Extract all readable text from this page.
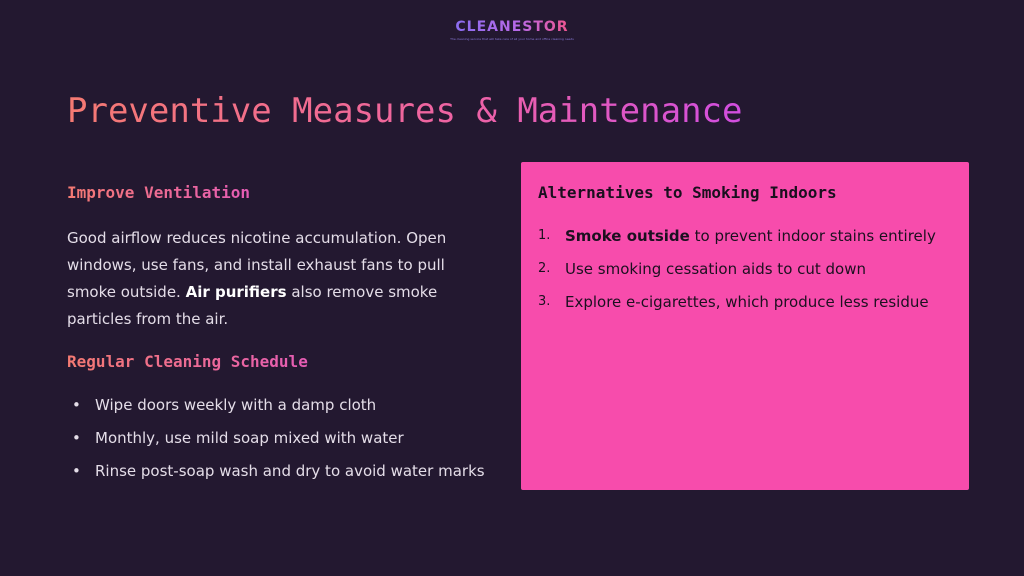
CLEANESTOR
The cleaning service that will take care of all your home and office cleaning needs
Preventive Measures & Maintenance
Improve Ventilation

Good airflow reduces nicotine accumulation. Open windows, use fans, and install exhaust fans to pull smoke outside. Air purifiers also remove smoke particles from the air.

Regular Cleaning Schedule
• Wipe doors weekly with a damp cloth
• Monthly, use mild soap mixed with water
• Rinse post-soap wash and dry to avoid water marks
Alternatives to Smoking Indoors
1. Smoke outside to prevent indoor stains entirely
2. Use smoking cessation aids to cut down
3. Explore e-cigarettes, which produce less residue
